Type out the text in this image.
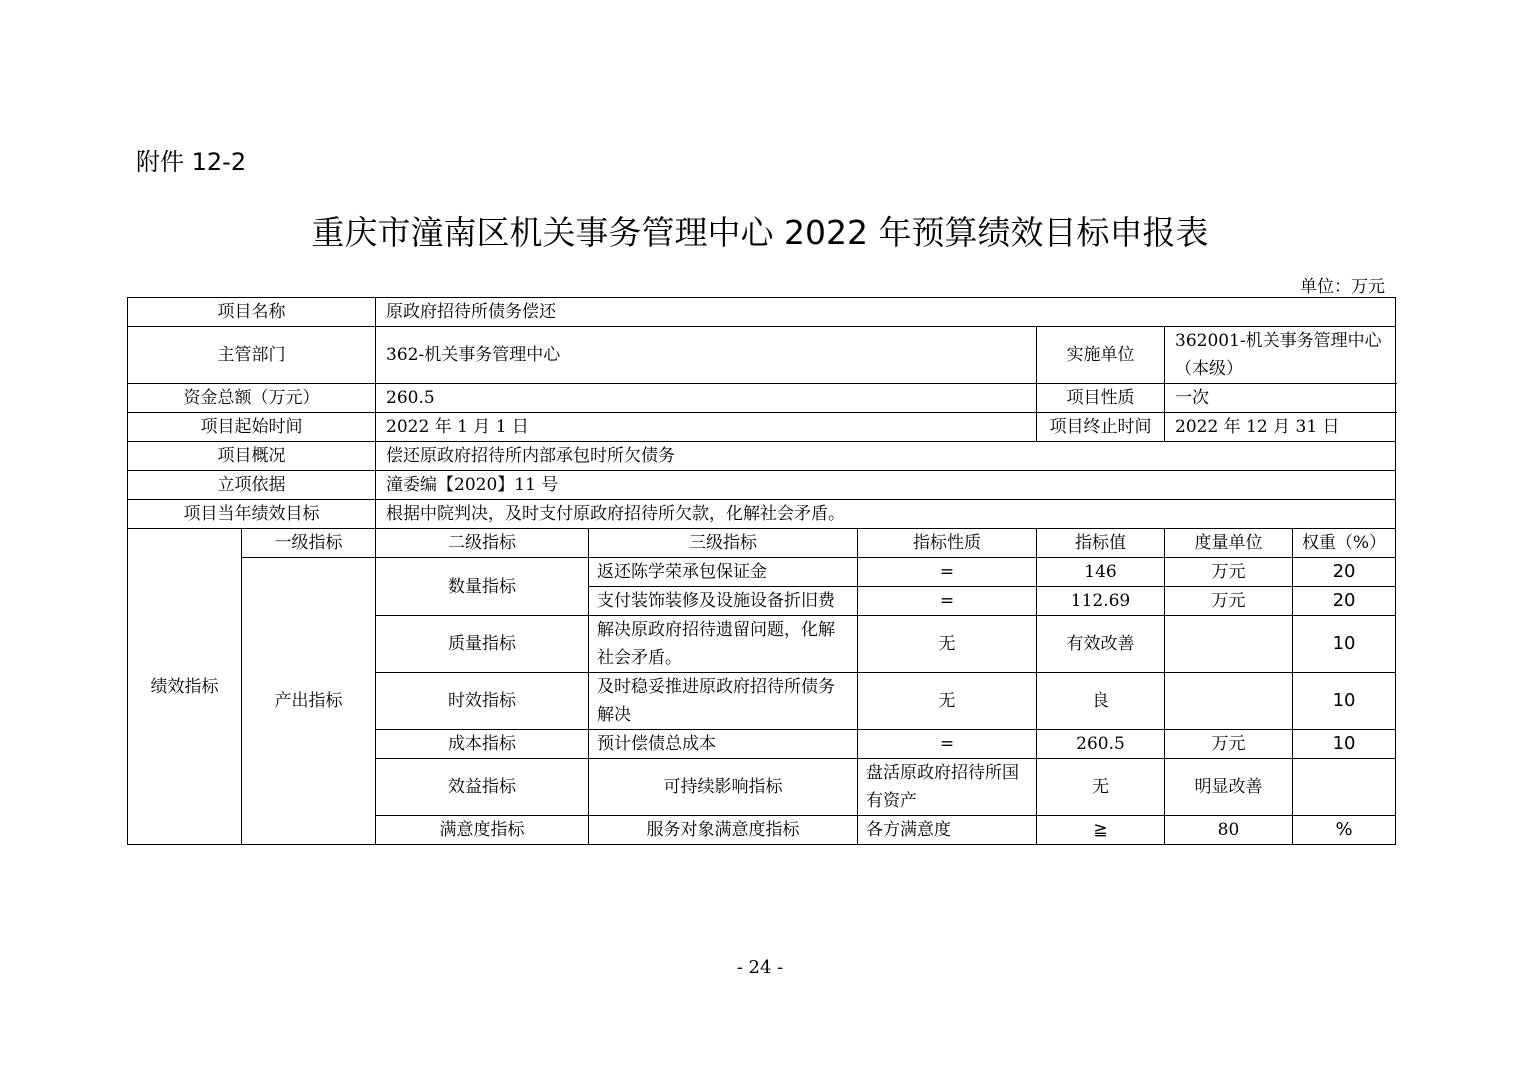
附件 12-2
重庆市潼南区机关事务管理中心 2022 年预算绩效目标申报表
单位：万元
项目名称		原政府招待所债务偿还						
主管部门		362-机关事务管理中心			实施单位	362001-机关事务管理中心（本级）		
资金总额（万元）		260.5			项目性质	一次		
项目起始时间		2022 年 1 月 1 日			项目终止时间	2022 年 12 月 31 日		
项目概况		偿还原政府招待所内部承包时所欠债务						
立项依据		潼委编【2020】11 号						
项目当年绩效目标		根据中院判决，及时支付原政府招待所欠款，化解社会矛盾。						
绩效指标	一级指标	二级指标	三级指标	指标性质	指标值	度量单位	权重（%）	
	产出指标	数量指标	返还陈学荣承包保证金	=	146	万元	20	
			支付装饰装修及设施设备折旧费	=	112.69	万元	20	
		质量指标	解决原政府招待遗留问题，化解社会矛盾。	无	有效改善		10	
		时效指标	及时稳妥推进原政府招待所债务解决	无	良		10	
		成本指标	预计偿债总成本	=	260.5	万元	10	
		效益指标	可持续影响指标	盘活原政府招待所国有资产	无	明显改善		
		满意度指标	服务对象满意度指标	各方满意度	≧	80	%	
- 24 -
